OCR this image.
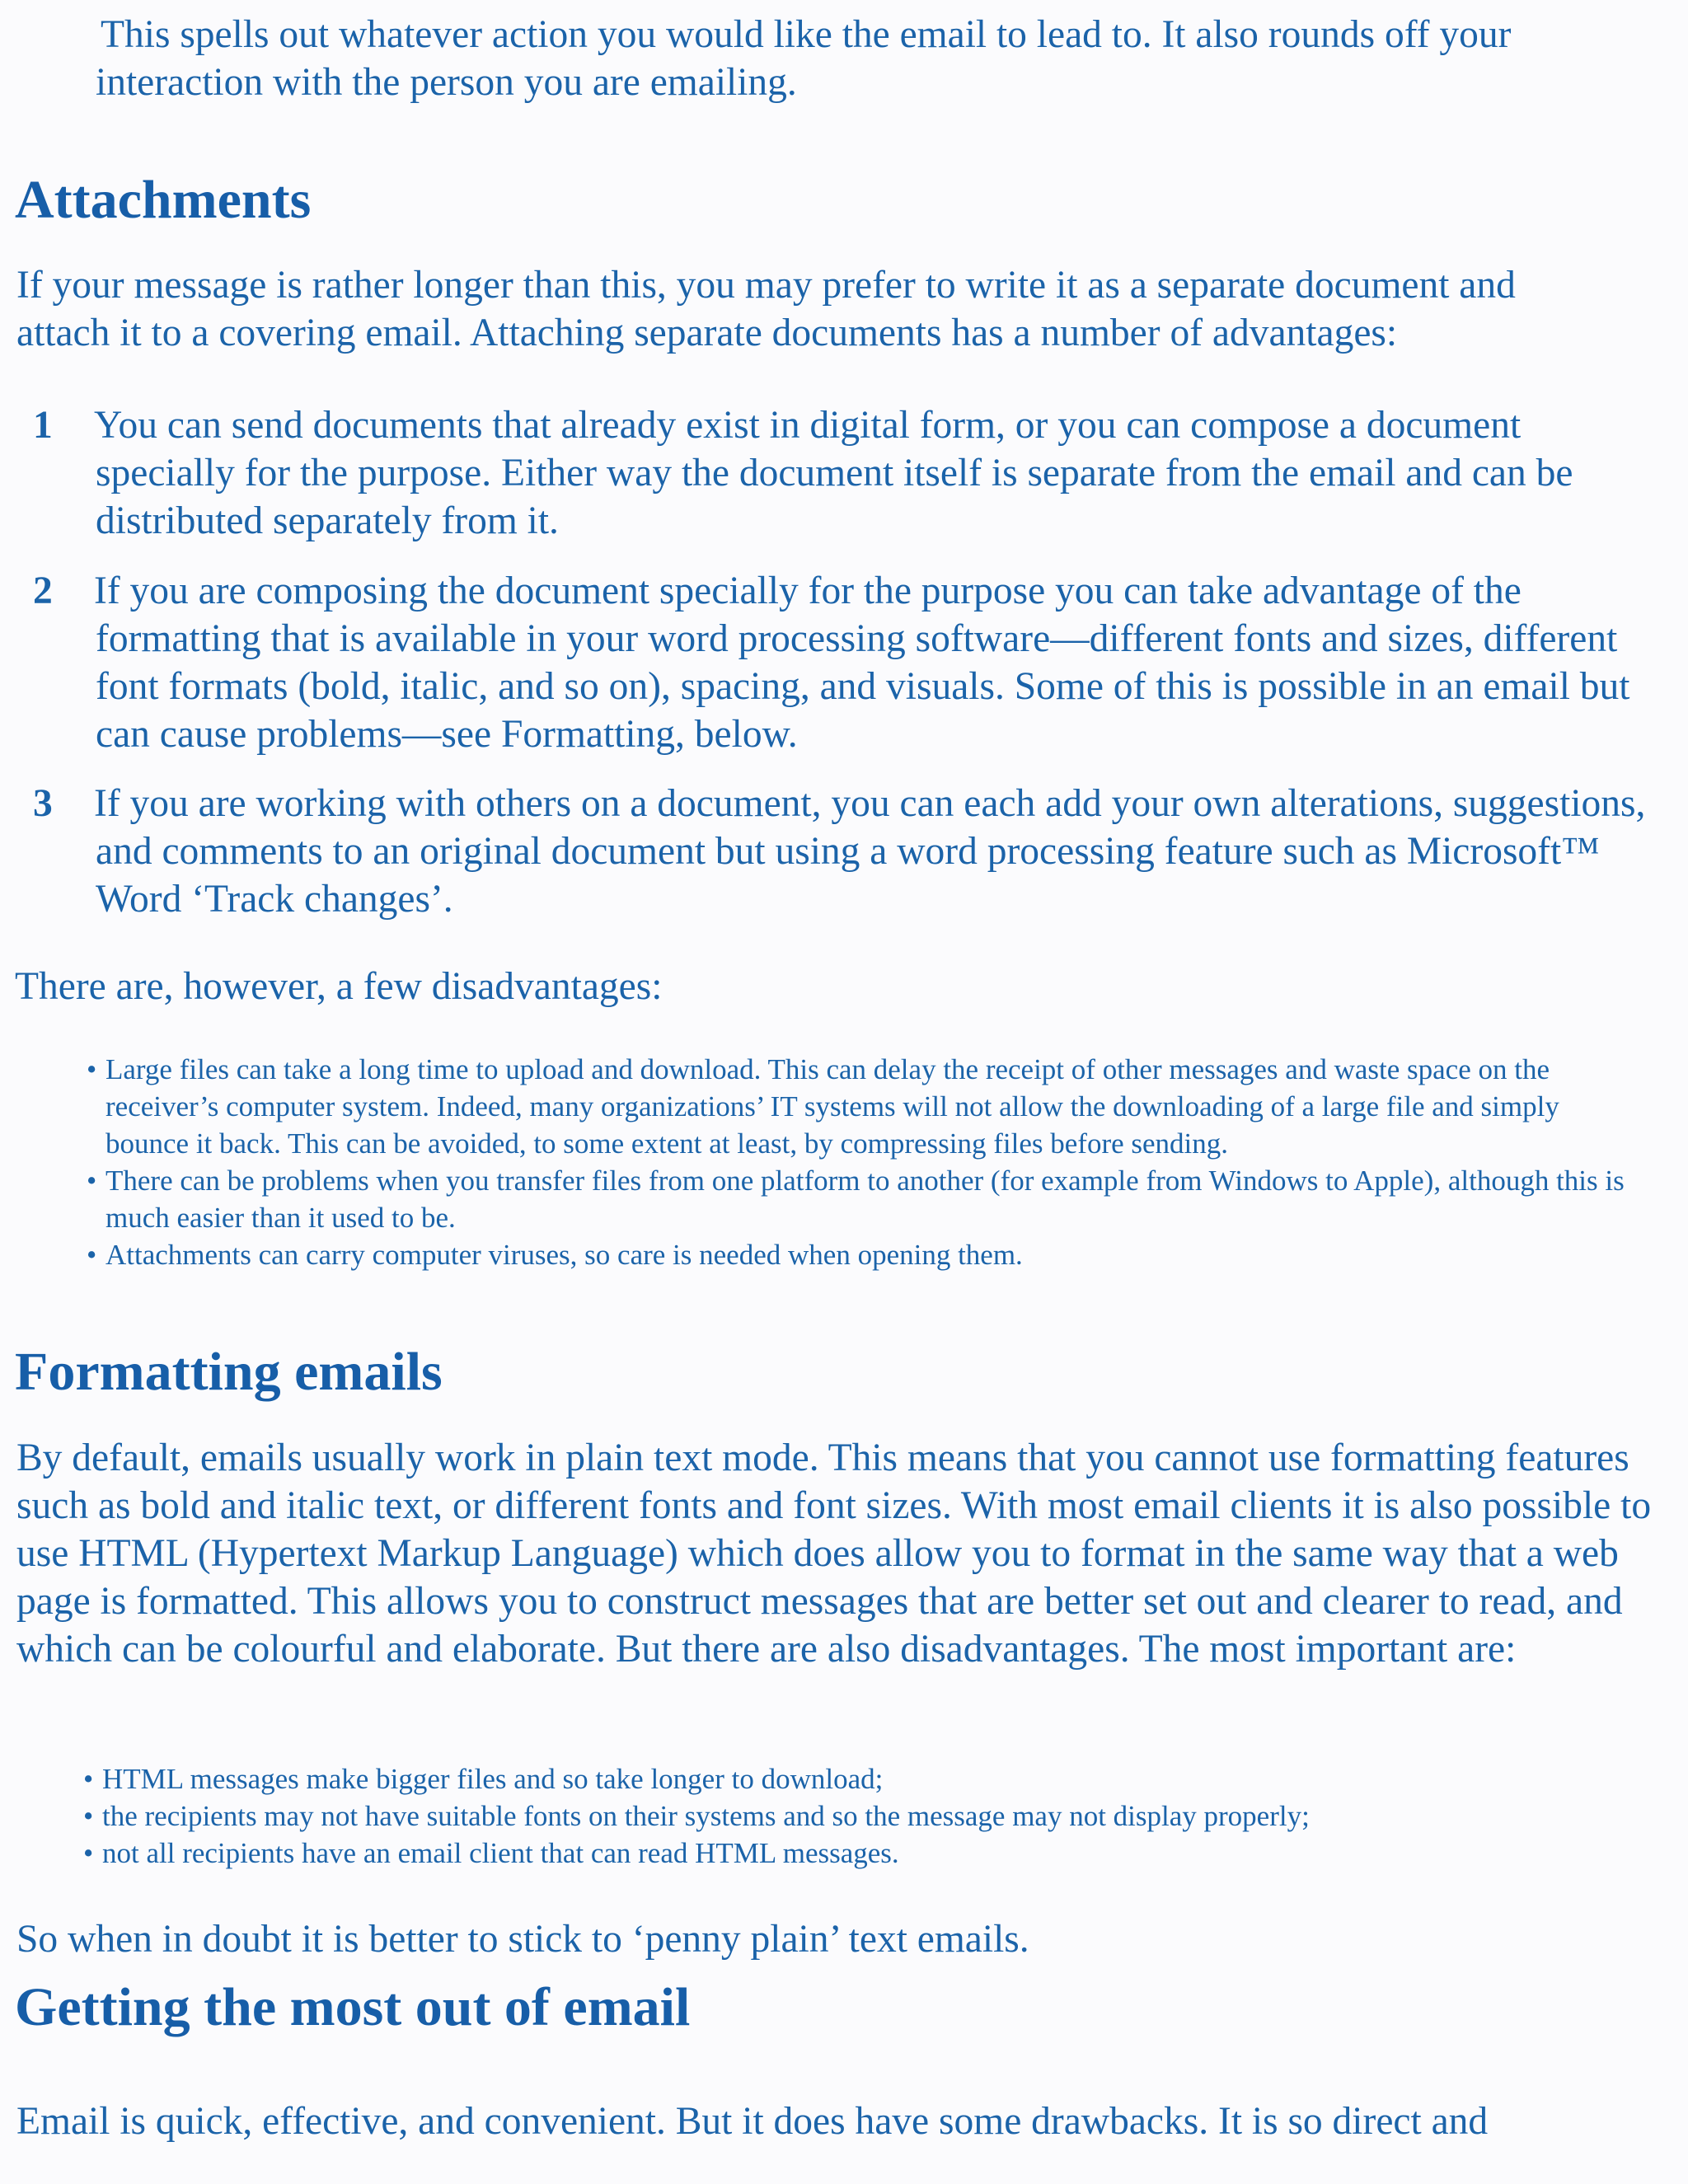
This spells out whatever action you would like the email to lead to. It also rounds off your interaction with the person you are emailing.

Attachments

If your message is rather longer than this, you may prefer to write it as a separate document and attach it to a covering email. Attaching separate documents has a number of advantages:

1 You can send documents that already exist in digital form, or you can compose a document specially for the purpose. Either way the document itself is separate from the email and can be distributed separately from it.
2 If you are composing the document specially for the purpose you can take advantage of the formatting that is available in your word processing software—different fonts and sizes, different font formats (bold, italic, and so on), spacing, and visuals. Some of this is possible in an email but can cause problems—see Formatting, below.
3 If you are working with others on a document, you can each add your own alterations, suggestions, and comments to an original document but using a word processing feature such as Microsoft™ Word ‘Track changes’.

There are, however, a few disadvantages:

• Large files can take a long time to upload and download. This can delay the receipt of other messages and waste space on the receiver’s computer system. Indeed, many organizations’ IT systems will not allow the downloading of a large file and simply bounce it back. This can be avoided, to some extent at least, by compressing files before sending.
• There can be problems when you transfer files from one platform to another (for example from Windows to Apple), although this is much easier than it used to be.
• Attachments can carry computer viruses, so care is needed when opening them.
Formatting emails

By default, emails usually work in plain text mode. This means that you cannot use formatting features such as bold and italic text, or different fonts and font sizes. With most email clients it is also possible to use HTML (Hypertext Markup Language) which does allow you to format in the same way that a web page is formatted. This allows you to construct messages that are better set out and clearer to read, and which can be colourful and elaborate. But there are also disadvantages. The most important are:

• HTML messages make bigger files and so take longer to download;
• the recipients may not have suitable fonts on their systems and so the message may not display properly;
• not all recipients have an email client that can read HTML messages.

So when in doubt it is better to stick to ‘penny plain’ text emails.

Getting the most out of email

Email is quick, effective, and convenient. But it does have some drawbacks. It is so direct and
